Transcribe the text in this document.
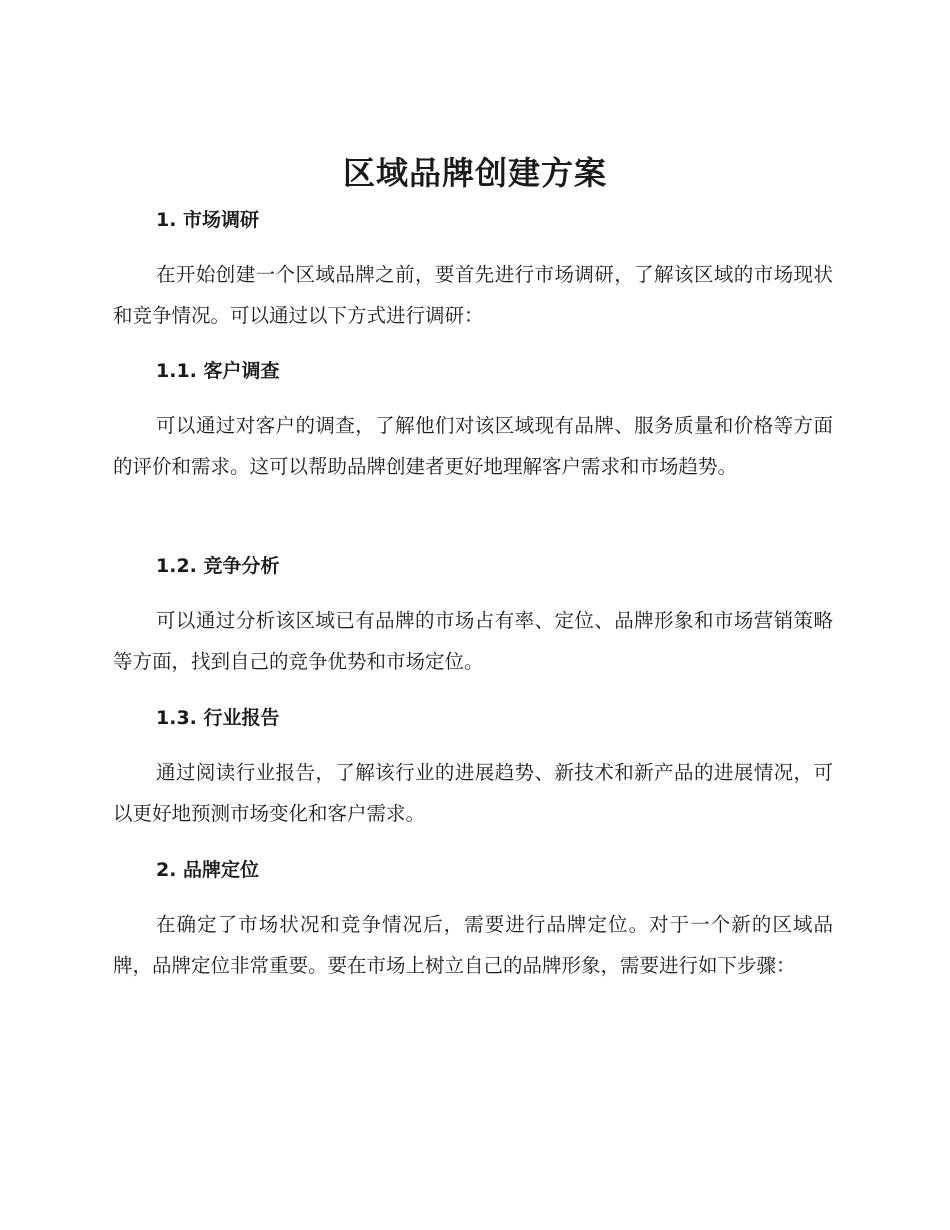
区域品牌创建方案
1. 市场调研

在开始创建一个区域品牌之前，要首先进行市场调研，了解该区域的市场现状和竞争情况。可以通过以下方式进行调研：

1.1. 客户调查

可以通过对客户的调查，了解他们对该区域现有品牌、服务质量和价格等方面的评价和需求。这可以帮助品牌创建者更好地理解客户需求和市场趋势。

1.2. 竞争分析

可以通过分析该区域已有品牌的市场占有率、定位、品牌形象和市场营销策略等方面，找到自己的竞争优势和市场定位。

1.3. 行业报告

通过阅读行业报告，了解该行业的进展趋势、新技术和新产品的进展情况，可以更好地预测市场变化和客户需求。

2. 品牌定位

在确定了市场状况和竞争情况后，需要进行品牌定位。对于一个新的区域品牌，品牌定位非常重要。要在市场上树立自己的品牌形象，需要进行如下步骤：
